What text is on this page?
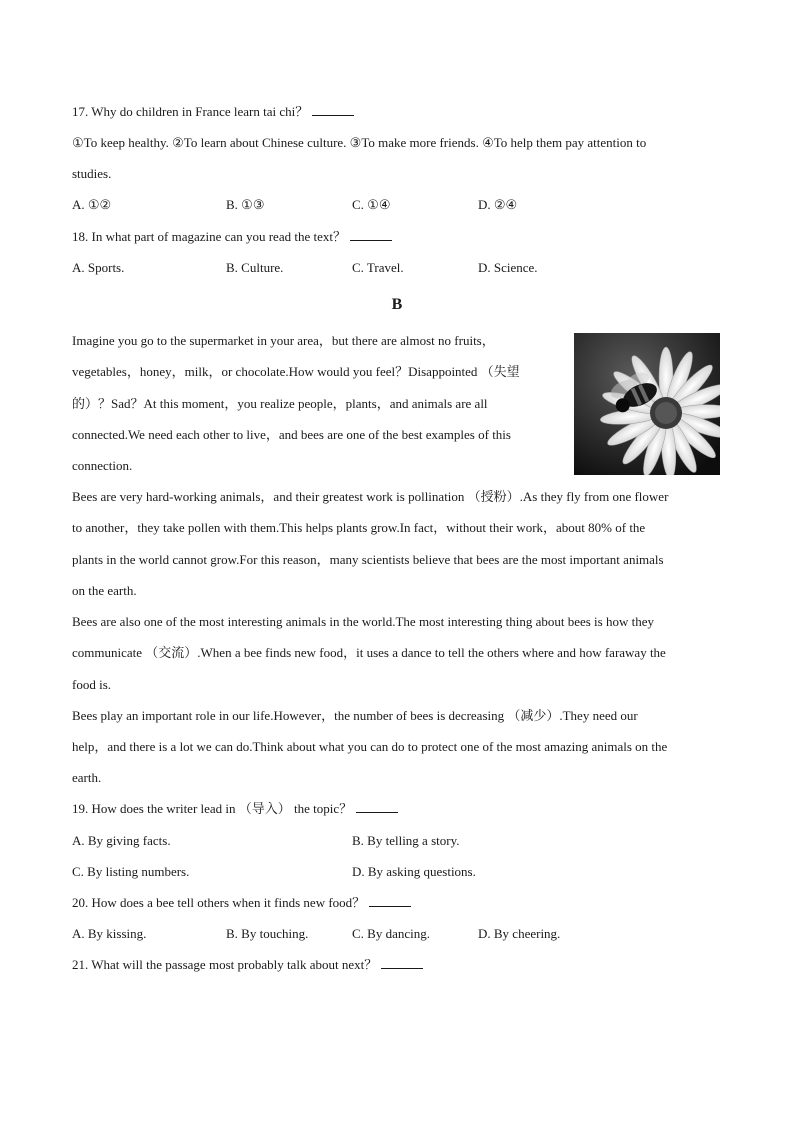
17. Why do children in France learn tai chi？
①To keep healthy. ②To learn about Chinese culture. ③To make more friends. ④To help them pay attention to
studies.
A. ①②	B. ①③	C. ①④	D. ②④
18. In what part of magazine can you read the text？
A. Sports.	B. Culture.	C. Travel.	D. Science.
B
Imagine you go to the supermarket in your area，but there are almost no fruits，
vegetables，honey，milk，or chocolate.How would you feel？Disappointed （失望
的）？Sad？At this moment，you realize people，plants，and animals are all
connected.We need each other to live，and bees are one of the best examples of this
connection.
Bees are very hard-working animals，and their greatest work is pollination （授粉）.As they fly from one flower
to another，they take pollen with them.This helps plants grow.In fact，without their work，about 80% of the
plants in the world cannot grow.For this reason，many scientists believe that bees are the most important animals
on the earth.
Bees are also one of the most interesting animals in the world.The most interesting thing about bees is how they
communicate （交流）.When a bee finds new food，it uses a dance to tell the others where and how faraway the
food is.
Bees play an important role in our life.However，the number of bees is decreasing （减少）.They need our
help，and there is a lot we can do.Think about what you can do to protect one of the most amazing animals on the
earth.
19. How does the writer lead in （导入） the topic？
A. By giving facts.	B. By telling a story.
C. By listing numbers.	D. By asking questions.
20. How does a bee tell others when it finds new food？
A. By kissing.	B. By touching.	C. By dancing.	D. By cheering.
21. What will the passage most probably talk about next？
